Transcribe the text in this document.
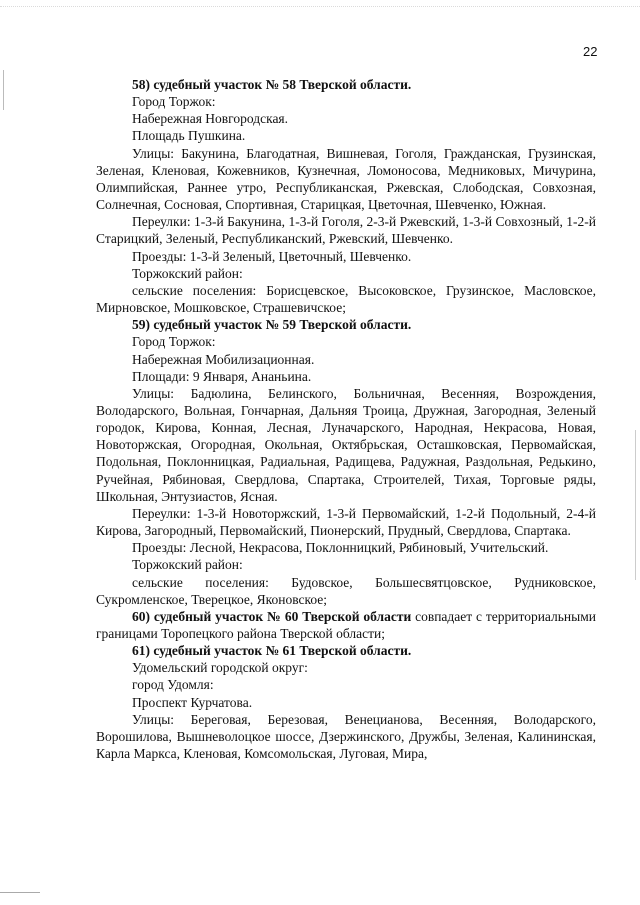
22

58) судебный участок № 58 Тверской области.

Город Торжок:

Набережная Новгородская.

Площадь Пушкина.

Улицы: Бакунина, Благодатная, Вишневая, Гоголя, Гражданская, Грузинская, Зеленая, Кленовая, Кожевников, Кузнечная, Ломоносова, Медниковых, Мичурина, Олимпийская, Раннее утро, Республиканская, Ржевская, Слободская, Совхозная, Солнечная, Сосновая, Спортивная, Старицкая, Цветочная, Шевченко, Южная.

Переулки: 1-3-й Бакунина, 1-3-й Гоголя, 2-3-й Ржевский, 1-3-й Совхозный, 1-2-й Старицкий, Зеленый, Республиканский, Ржевский, Шевченко.

Проезды: 1-3-й Зеленый, Цветочный, Шевченко.

Торжокский район:

сельские поселения: Борисцевское, Высоковское, Грузинское, Масловское, Мирновское, Мошковское, Страшевичское;

59) судебный участок № 59 Тверской области.

Город Торжок:

Набережная Мобилизационная.

Площади: 9 Января, Ананьина.

Улицы: Бадюлина, Белинского, Больничная, Весенняя, Возрождения, Володарского, Вольная, Гончарная, Дальняя Троица, Дружная, Загородная, Зеленый городок, Кирова, Конная, Лесная, Луначарского, Народная, Некрасова, Новая, Новоторжская, Огородная, Окольная, Октябрьская, Осташковская, Первомайская, Подольная, Поклонницкая, Радиальная, Радищева, Радужная, Раздольная, Редькино, Ручейная, Рябиновая, Свердлова, Спартака, Строителей, Тихая, Торговые ряды, Школьная, Энтузиастов, Ясная.

Переулки: 1-3-й Новоторжский, 1-3-й Первомайский, 1-2-й Подольный, 2-4-й Кирова, Загородный, Первомайский, Пионерский, Прудный, Свердлова, Спартака.

Проезды: Лесной, Некрасова, Поклонницкий, Рябиновый, Учительский.

Торжокский район:

сельские поселения: Будовское, Большесвятцовское, Рудниковское, Сукромленское, Тверецкое, Яконовское;

60) судебный участок № 60 Тверской области совпадает с территориальными границами Торопецкого района Тверской области;

61) судебный участок № 61 Тверской области.

Удомельский городской округ:

город Удомля:

Проспект Курчатова.

Улицы: Береговая, Березовая, Венецианова, Весенняя, Володарского, Ворошилова, Вышневолоцкое шоссе, Дзержинского, Дружбы, Зеленая, Калининская, Карла Маркса, Кленовая, Комсомольская, Луговая, Мира,
